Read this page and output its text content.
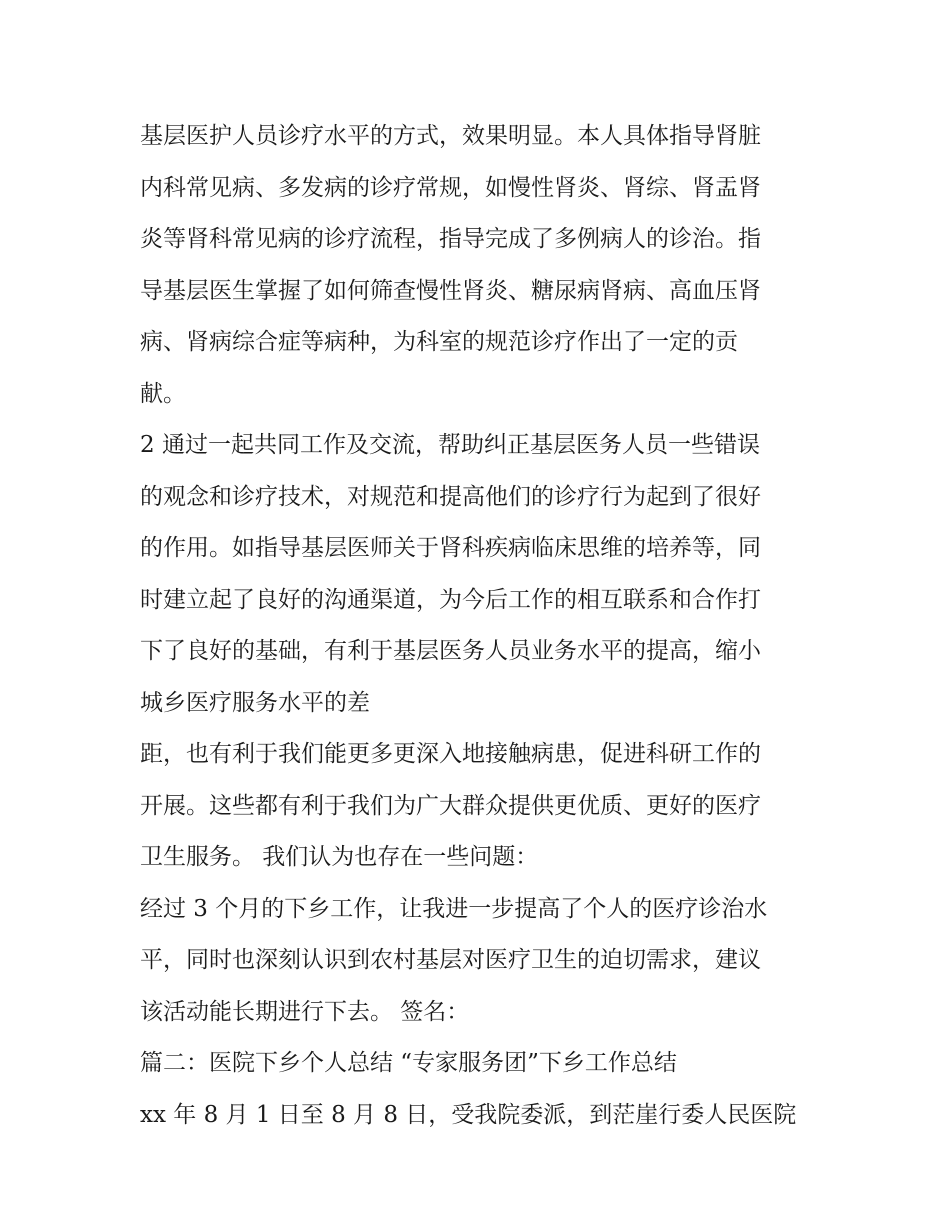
基层医护人员诊疗水平的方式，效果明显。本人具体指导肾脏
内科常见病、多发病的诊疗常规，如慢性肾炎、肾综、肾盂肾
炎等肾科常见病的诊疗流程，指导完成了多例病人的诊治。指
导基层医生掌握了如何筛查慢性肾炎、糖尿病肾病、高血压肾
病、肾病综合症等病种，为科室的规范诊疗作出了一定的贡
献。
2 通过一起共同工作及交流，帮助纠正基层医务人员一些错误
的观念和诊疗技术，对规范和提高他们的诊疗行为起到了很好
的作用。如指导基层医师关于肾科疾病临床思维的培养等，同
时建立起了良好的沟通渠道，为今后工作的相互联系和合作打
下了良好的基础，有利于基层医务人员业务水平的提高，缩小
城乡医疗服务水平的差
距，也有利于我们能更多更深入地接触病患，促进科研工作的
开展。这些都有利于我们为广大群众提供更优质、更好的医疗
卫生服务。 我们认为也存在一些问题：
经过 3 个月的下乡工作，让我进一步提高了个人的医疗诊治水
平，同时也深刻认识到农村基层对医疗卫生的迫切需求，建议
该活动能长期进行下去。 签名：
篇二：医院下乡个人总结 “专家服务团”下乡工作总结
xx 年 8 月 1 日至 8 月 8 日，受我院委派，到茫崖行委人民医院
